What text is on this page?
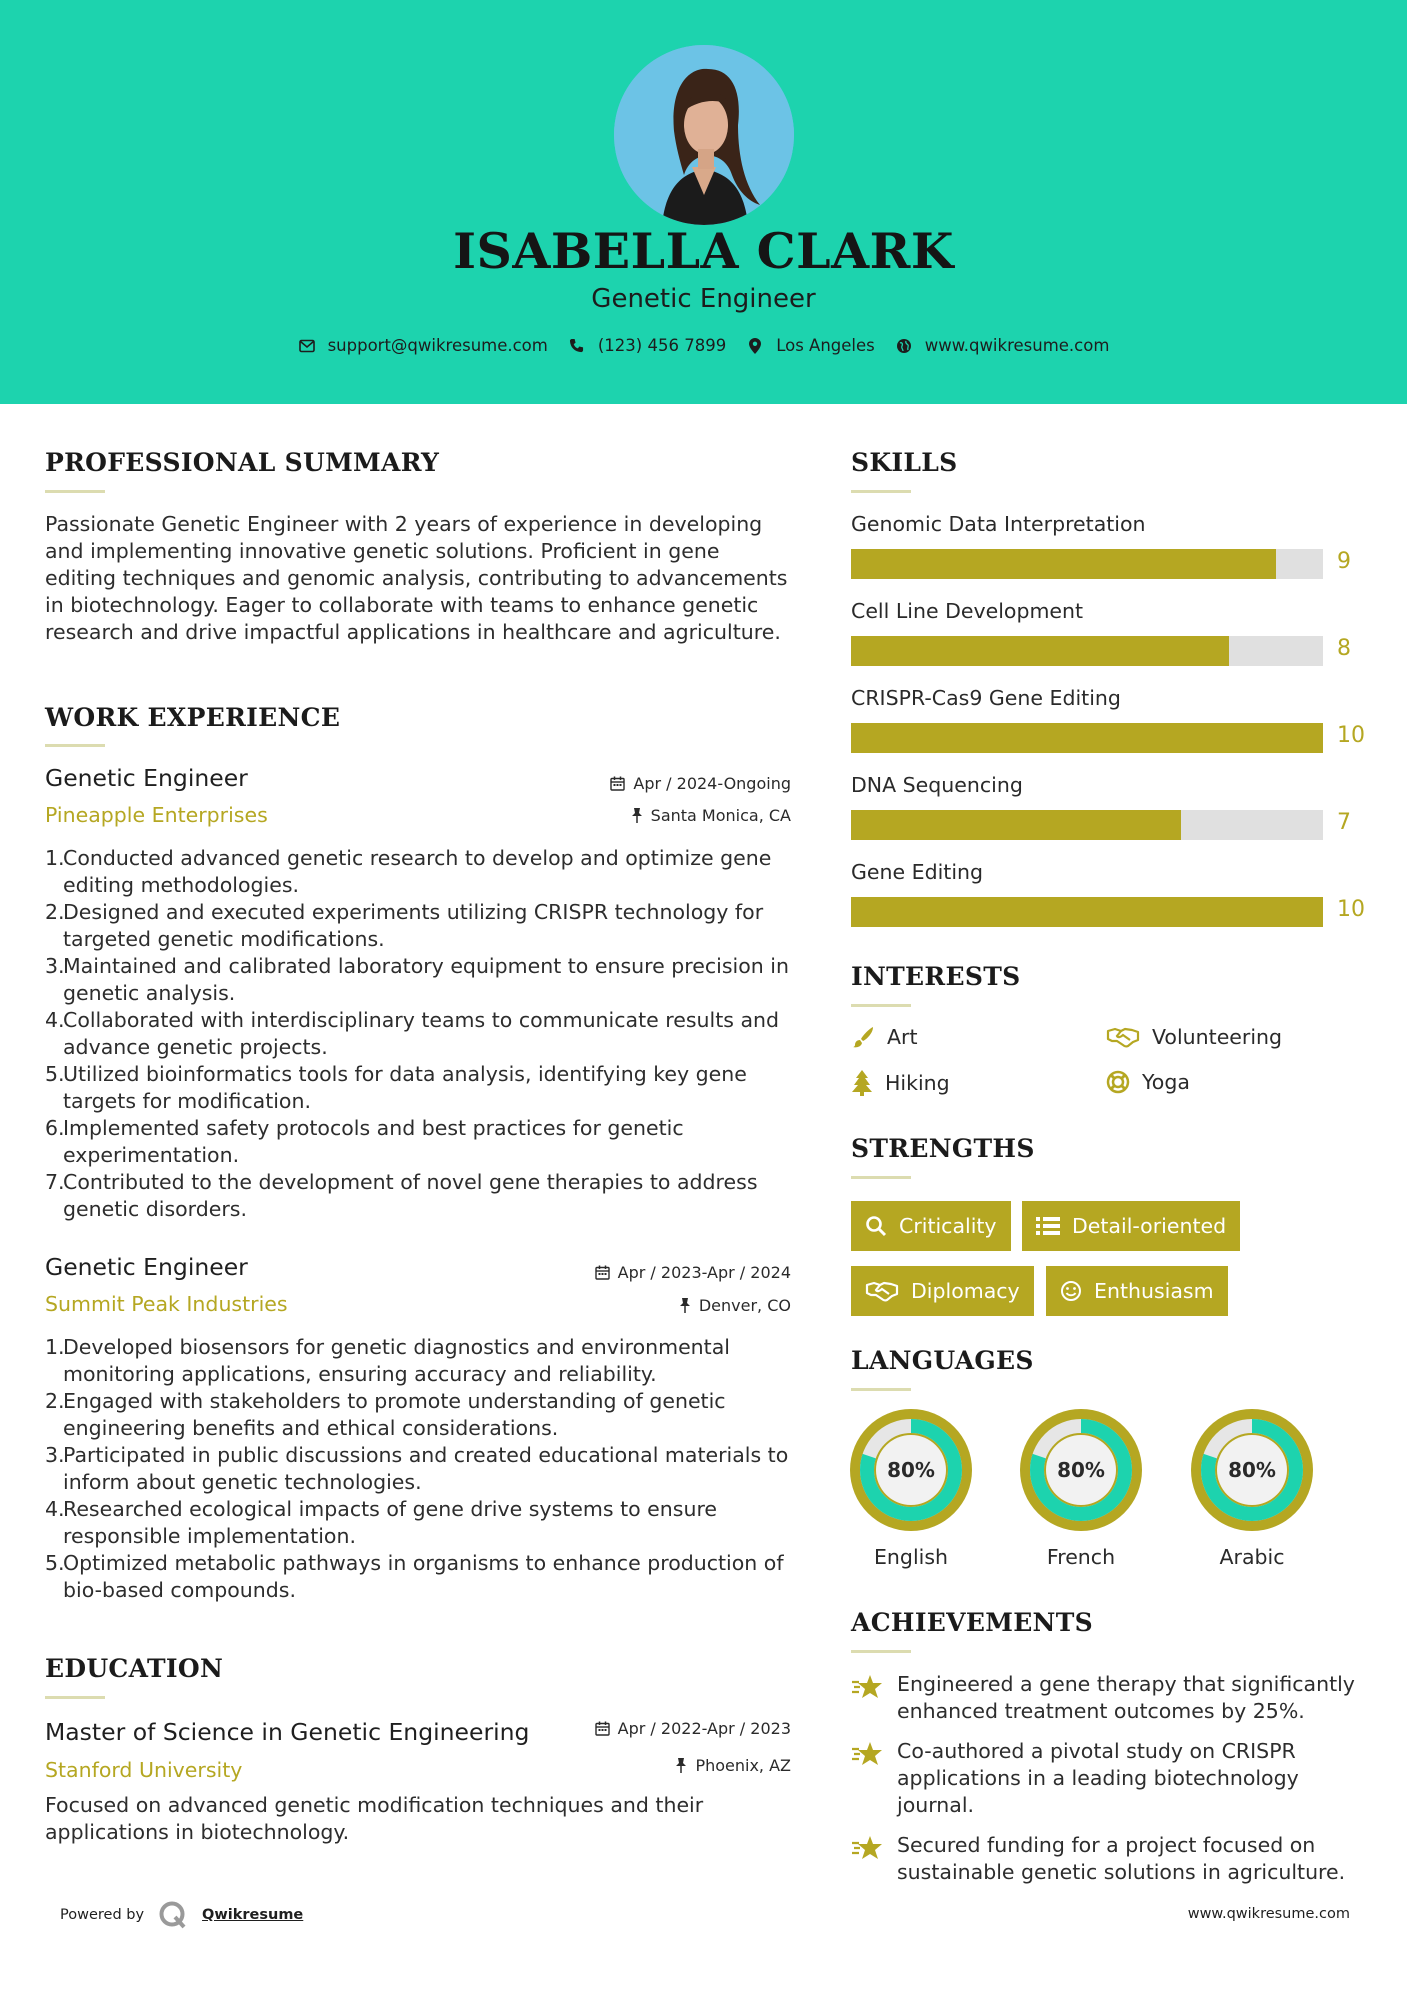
ISABELLA CLARK
Genetic Engineer
support@qwikresume.com	(123) 456 7899	Los Angeles	www.qwikresume.com
PROFESSIONAL SUMMARY
Passionate Genetic Engineer with 2 years of experience in developing and implementing innovative genetic solutions. Proficient in gene editing techniques and genomic analysis, contributing to advancements in biotechnology. Eager to collaborate with teams to enhance genetic research and drive impactful applications in healthcare and agriculture.
WORK EXPERIENCE
Genetic Engineer	Apr / 2024-Ongoing
Pineapple Enterprises	Santa Monica, CA
1.
Conducted advanced genetic research to develop and optimize gene editing methodologies.
2.
Designed and executed experiments utilizing CRISPR technology for targeted genetic modifications.
3.
Maintained and calibrated laboratory equipment to ensure precision in genetic analysis.
4.
Collaborated with interdisciplinary teams to communicate results and advance genetic projects.
5.
Utilized bioinformatics tools for data analysis, identifying key gene targets for modification.
6.
Implemented safety protocols and best practices for genetic experimentation.
7.
Contributed to the development of novel gene therapies to address genetic disorders.
Genetic Engineer	Apr / 2023-Apr / 2024
Summit Peak Industries	Denver, CO
1.
Developed biosensors for genetic diagnostics and environmental monitoring applications, ensuring accuracy and reliability.
2.
Engaged with stakeholders to promote understanding of genetic engineering benefits and ethical considerations.
3.
Participated in public discussions and created educational materials to inform about genetic technologies.
4.
Researched ecological impacts of gene drive systems to ensure responsible implementation.
5.
Optimized metabolic pathways in organisms to enhance production of bio-based compounds.
EDUCATION
Master of Science in Genetic Engineering	Apr / 2022-Apr / 2023
Stanford University	Phoenix, AZ
Focused on advanced genetic modification techniques and their applications in biotechnology.
SKILLS
Genomic Data Interpretation
9
Cell Line Development
8
CRISPR-Cas9 Gene Editing
10
DNA Sequencing
7
Gene Editing
10
INTERESTS
Art	Volunteering
Hiking	Yoga
STRENGTHS
Criticality	Detail-oriented
Diplomacy	Enthusiasm
LANGUAGES
80%
English
80%
French
80%
Arabic
ACHIEVEMENTS
Engineered a gene therapy that significantly enhanced treatment outcomes by 25%.
Co-authored a pivotal study on CRISPR applications in a leading biotechnology journal.
Secured funding for a project focused on sustainable genetic solutions in agriculture.
Powered by	Qwikresume	www.qwikresume.com
